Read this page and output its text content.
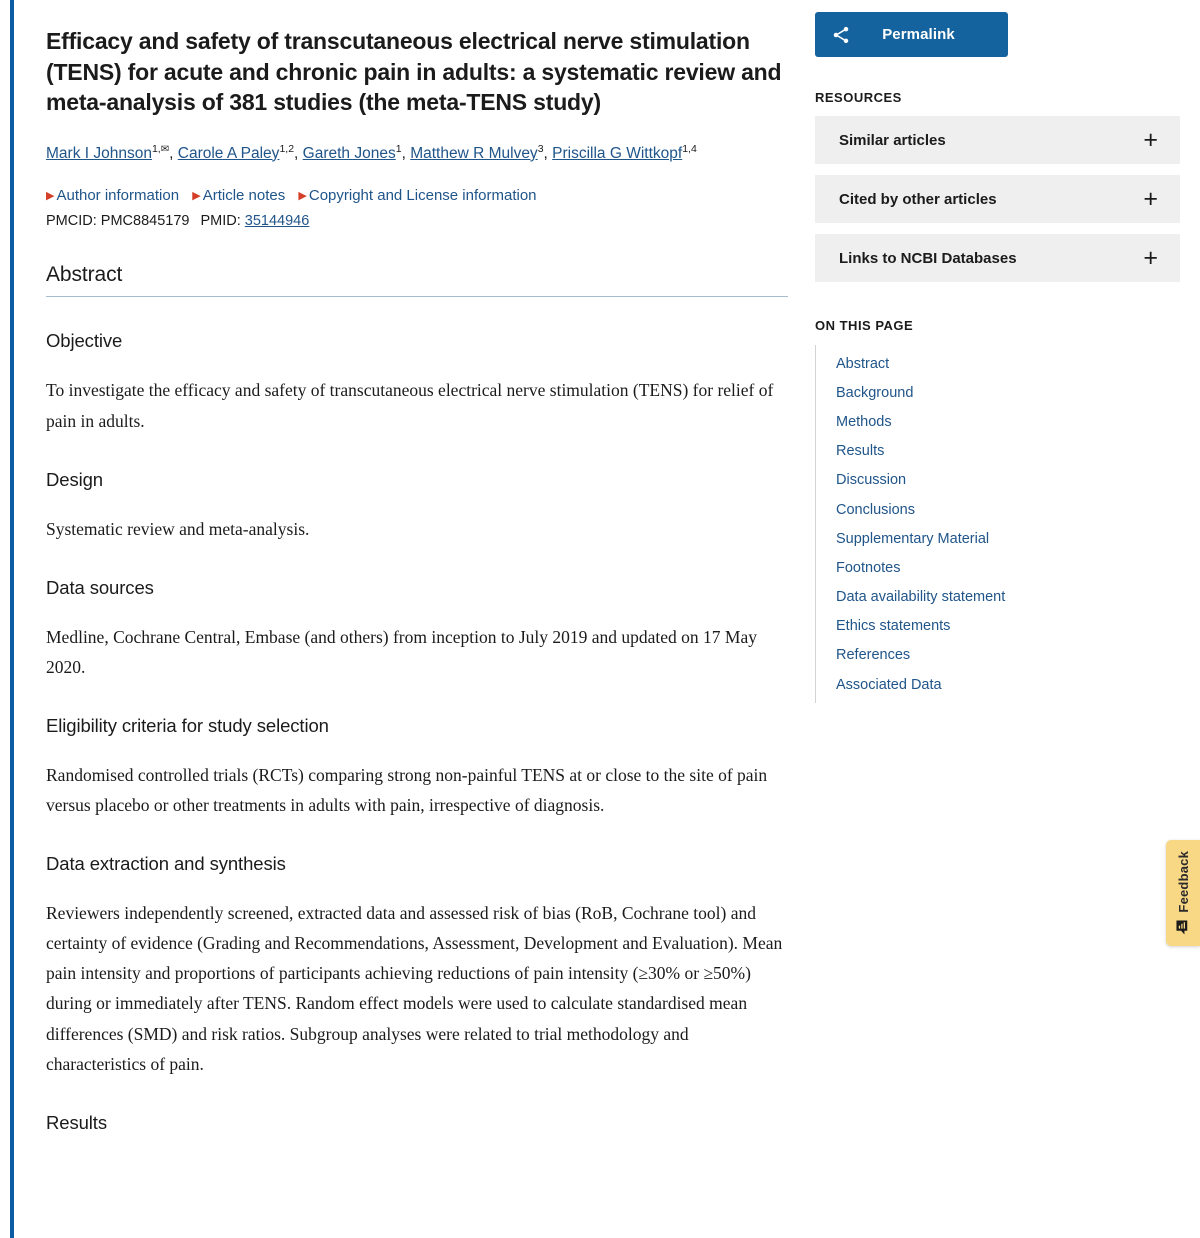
Efficacy and safety of transcutaneous electrical nerve stimulation (TENS) for acute and chronic pain in adults: a systematic review and meta-analysis of 381 studies (the meta-TENS study)
Mark I Johnson$^{1,✉}$, Carole A Paley$^{1,2}$, Gareth Jones$^1$, Matthew R Mulvey$^3$, Priscilla G Wittkopf$^{1,4}$
▶ Author information ▶ Article notes ▶ Copyright and License information
PMCID: PMC8845179 PMID: 35144946
Abstract
Objective

To investigate the efficacy and safety of transcutaneous electrical nerve stimulation (TENS) for relief of pain in adults.

Design

Systematic review and meta-analysis.

Data sources

Medline, Cochrane Central, Embase (and others) from inception to July 2019 and updated on 17 May 2020.

Eligibility criteria for study selection

Randomised controlled trials (RCTs) comparing strong non-painful TENS at or close to the site of pain versus placebo or other treatments in adults with pain, irrespective of diagnosis.

Data extraction and synthesis

Reviewers independently screened, extracted data and assessed risk of bias (RoB, Cochrane tool) and certainty of evidence (Grading and Recommendations, Assessment, Development and Evaluation). Mean pain intensity and proportions of participants achieving reductions of pain intensity (≥30% or ≥50%) during or immediately after TENS. Random effect models were used to calculate standardised mean differences (SMD) and risk ratios. Subgroup analyses were related to trial methodology and characteristics of pain.

Results
Permalink
RESOURCES
Similar articles	+
Cited by other articles	+
Links to NCBI Databases	+
ON THIS PAGE
Abstract
Background
Methods
Results
Discussion
Conclusions
Supplementary Material
Footnotes
Data availability statement
Ethics statements
References
Associated Data
Feedback
